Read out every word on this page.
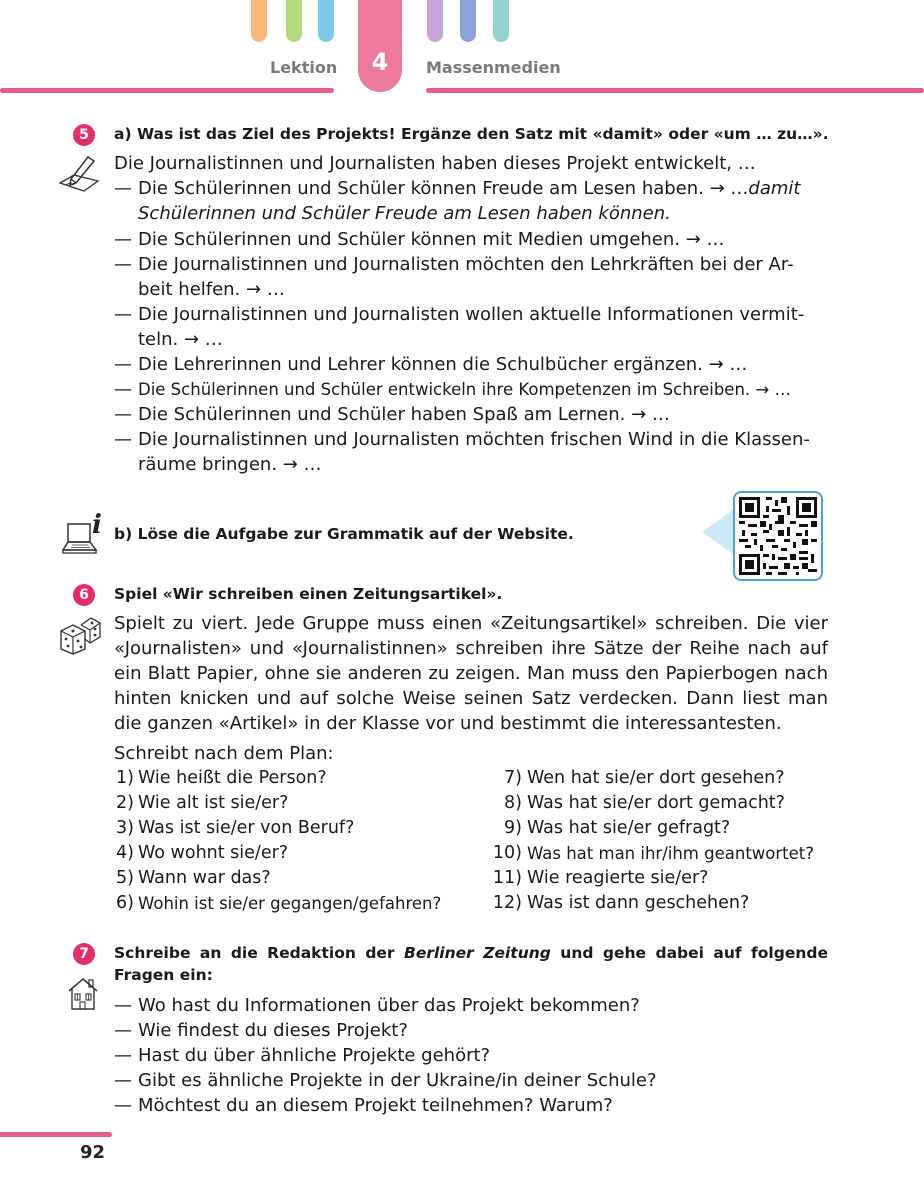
Lektion	4	Massenmedien
5	a) Was ist das Ziel des Projekts! Ergänze den Satz mit «damit» oder «um … zu…».
Die Journalistinnen und Journalisten haben dieses Projekt entwickelt, …
— Die Schülerinnen und Schüler können Freude am Lesen haben. → …damit
Schülerinnen und Schüler Freude am Lesen haben können.
— Die Schülerinnen und Schüler können mit Medien umgehen. → …
— Die Journalistinnen und Journalisten möchten den Lehrkräften bei der Ar-
beit helfen. → …
— Die Journalistinnen und Journalisten wollen aktuelle Informationen vermit-
teln. → …
— Die Lehrerinnen und Lehrer können die Schulbücher ergänzen. → …
— Die Schülerinnen und Schüler entwickeln ihre Kompetenzen im Schreiben. → …
— Die Schülerinnen und Schüler haben Spaß am Lernen. → …
— Die Journalistinnen und Journalisten möchten frischen Wind in die Klassen-
räume bringen. → …
i b) Löse die Aufgabe zur Grammatik auf der Website.
6	Spiel «Wir schreiben einen Zeitungsartikel».
Spielt zu viert. Jede Gruppe muss einen «Zeitungsartikel» schreiben. Die vier «Journalisten» und «Journalistinnen» schreiben ihre Sätze der Reihe nach auf ein Blatt Papier, ohne sie anderen zu zeigen. Man muss den Papierbogen nach hinten knicken und auf solche Weise seinen Satz verdecken. Dann liest man die ganzen «Artikel» in der Klasse vor und bestimmt die interessantesten.
Schreibt nach dem Plan:
1) Wie heißt die Person?
2) Wie alt ist sie/er?
3) Was ist sie/er von Beruf?
4) Wo wohnt sie/er?
5) Wann war das?
6) Wohin ist sie/er gegangen/gefahren?
7) Wen hat sie/er dort gesehen?
8) Was hat sie/er dort gemacht?
9) Was hat sie/er gefragt?
10) Was hat man ihr/ihm geantwortet?
11) Wie reagierte sie/er?
12) Was ist dann geschehen?
7	Schreibe an die Redaktion der Berliner Zeitung und gehe dabei auf folgende
Fragen ein:
— Wo hast du Informationen über das Projekt bekommen?
— Wie findest du dieses Projekt?
— Hast du über ähnliche Projekte gehört?
— Gibt es ähnliche Projekte in der Ukraine/in deiner Schule?
— Möchtest du an diesem Projekt teilnehmen? Warum?
92
